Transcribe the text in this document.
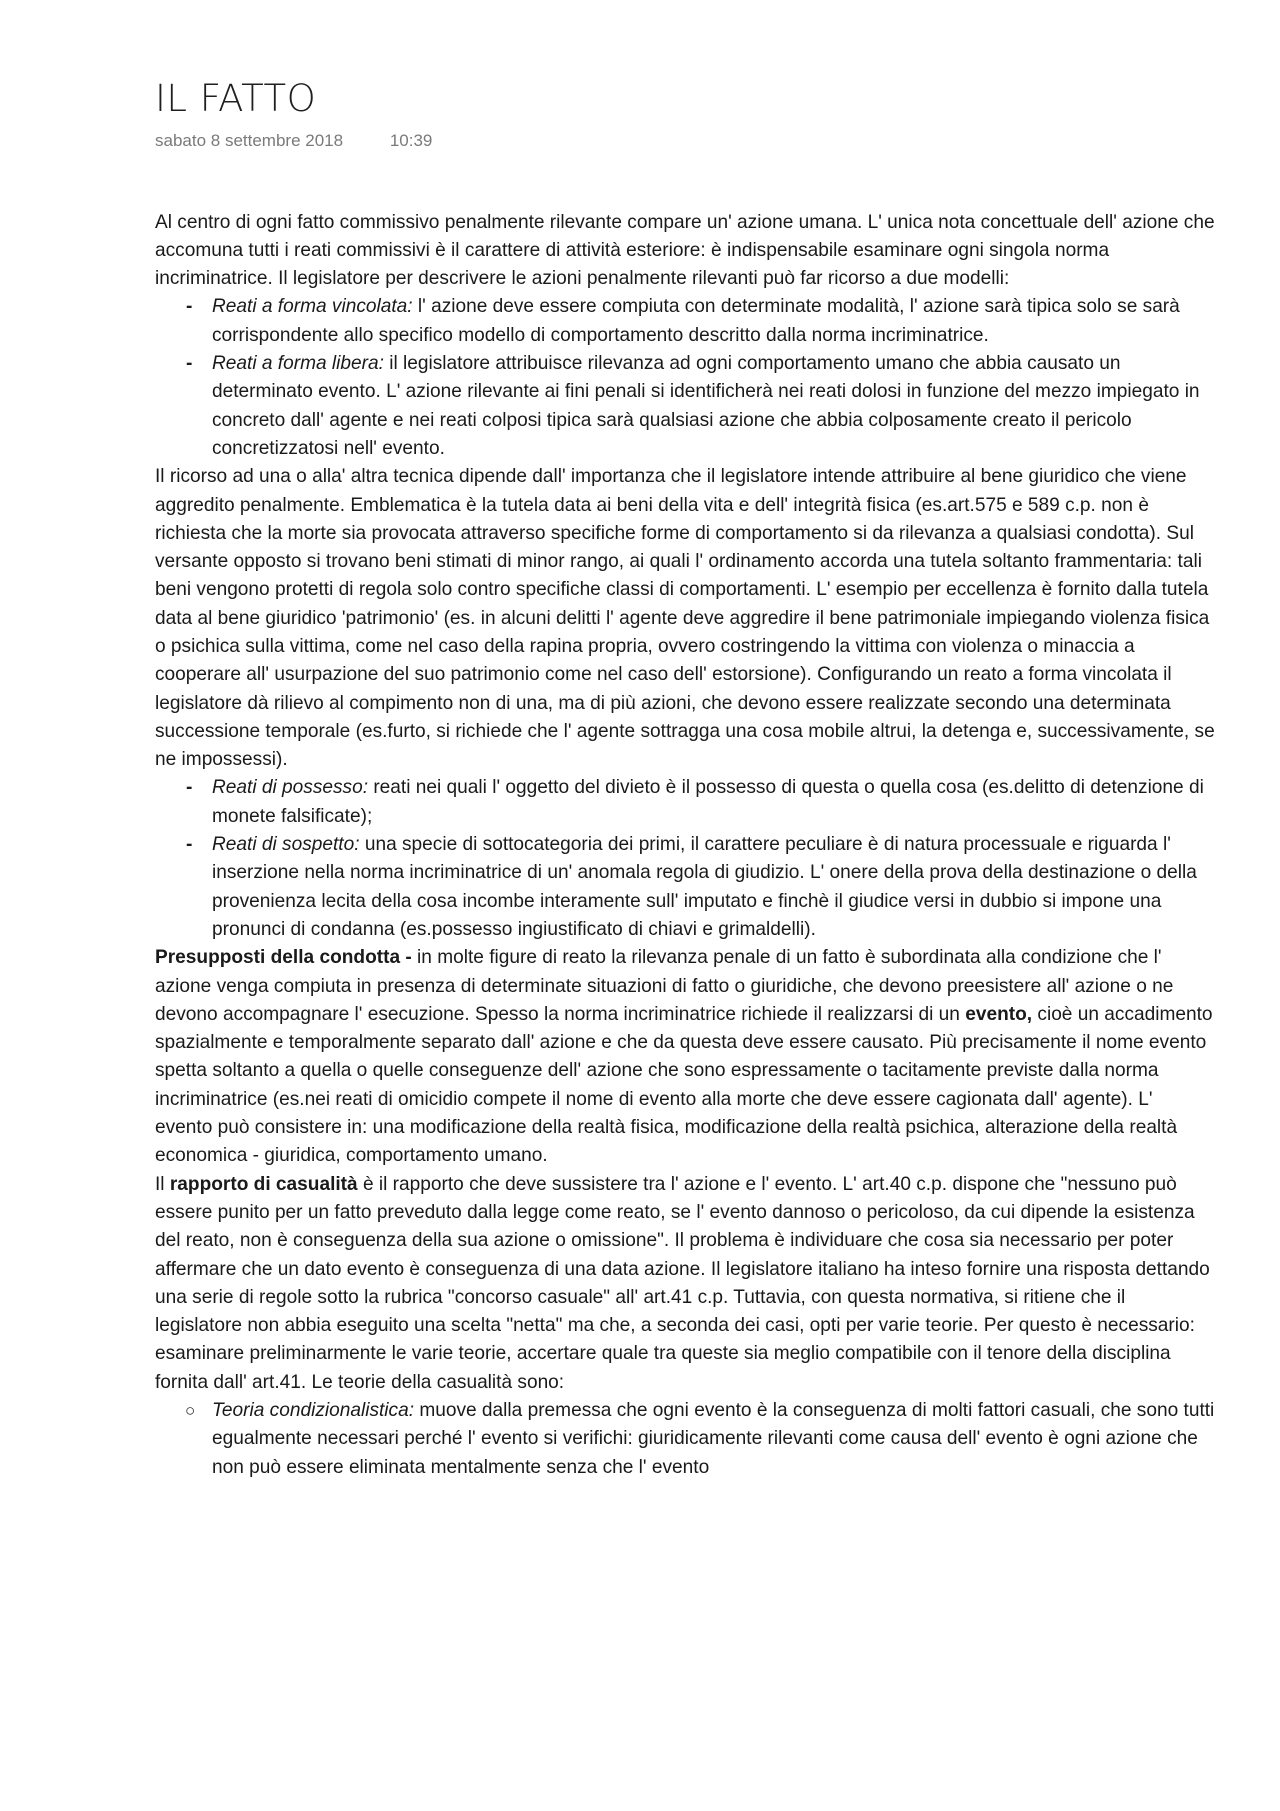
IL FATTO
sabato 8 settembre 2018	10:39

Al centro di ogni fatto commissivo penalmente rilevante compare un' azione umana. L' unica nota concettuale dell' azione che accomuna tutti i reati commissivi è il carattere di attività esteriore: è indispensabile esaminare ogni singola norma incriminatrice. Il legislatore per descrivere le azioni penalmente rilevanti può far ricorso a due modelli:

-	Reati a forma vincolata: l' azione deve essere compiuta con determinate modalità, l' azione sarà tipica solo se sarà corrispondente allo specifico modello di comportamento descritto dalla norma incriminatrice.
-	Reati a forma libera: il legislatore attribuisce rilevanza ad ogni comportamento umano che abbia causato un determinato evento. L' azione rilevante ai fini penali si identificherà nei reati dolosi in funzione del mezzo impiegato in concreto dall' agente e nei reati colposi tipica sarà qualsiasi azione che abbia colposamente creato il pericolo concretizzatosi nell' evento.

Il ricorso ad una o alla' altra tecnica dipende dall' importanza che il legislatore intende attribuire al bene giuridico che viene aggredito penalmente. Emblematica è la tutela data ai beni della vita e dell' integrità fisica (es.art.575 e 589 c.p. non è richiesta che la morte sia provocata attraverso specifiche forme di comportamento si da rilevanza a qualsiasi condotta). Sul versante opposto si trovano beni stimati di minor rango, ai quali l' ordinamento accorda una tutela soltanto frammentaria: tali beni vengono protetti di regola solo contro specifiche classi di comportamenti. L' esempio per eccellenza è fornito dalla tutela data al bene giuridico 'patrimonio' (es. in alcuni delitti l' agente deve aggredire il bene patrimoniale impiegando violenza fisica o psichica sulla vittima, come nel caso della rapina propria, ovvero costringendo la vittima con violenza o minaccia a cooperare all' usurpazione del suo patrimonio come nel caso dell' estorsione). Configurando un reato a forma vincolata il legislatore dà rilievo al compimento non di una, ma di più azioni, che devono essere realizzate secondo una determinata successione temporale (es.furto, si richiede che l' agente sottragga una cosa mobile altrui, la detenga e, successivamente, se ne impossessi).

-	Reati di possesso: reati nei quali l' oggetto del divieto è il possesso di questa o quella cosa (es.delitto di detenzione di monete falsificate);
-	Reati di sospetto: una specie di sottocategoria dei primi, il carattere peculiare è di natura processuale e riguarda l' inserzione nella norma incriminatrice di un' anomala regola di giudizio. L' onere della prova della destinazione o della provenienza lecita della cosa incombe interamente sull' imputato e finchè il giudice versi in dubbio si impone una pronunci di condanna (es.possesso ingiustificato di chiavi e grimaldelli).

Presupposti della condotta - in molte figure di reato la rilevanza penale di un fatto è subordinata alla condizione che l' azione venga compiuta in presenza di determinate situazioni di fatto o giuridiche, che devono preesistere all' azione o ne devono accompagnare l' esecuzione. Spesso la norma incriminatrice richiede il realizzarsi di un evento, cioè un accadimento spazialmente e temporalmente separato dall' azione e che da questa deve essere causato. Più precisamente il nome evento spetta soltanto a quella o quelle conseguenze dell' azione che sono espressamente o tacitamente previste dalla norma incriminatrice (es.nei reati di omicidio compete il nome di evento alla morte che deve essere cagionata dall' agente). L' evento può consistere in: una modificazione della realtà fisica, modificazione della realtà psichica, alterazione della realtà economica - giuridica, comportamento umano.

Il rapporto di casualità è il rapporto che deve sussistere tra l' azione e l' evento. L' art.40 c.p. dispone che "nessuno può essere punito per un fatto preveduto dalla legge come reato, se l' evento dannoso o pericoloso, da cui dipende la esistenza del reato, non è conseguenza della sua azione o omissione". Il problema è individuare che cosa sia necessario per poter affermare che un dato evento è conseguenza di una data azione. Il legislatore italiano ha inteso fornire una risposta dettando una serie di regole sotto la rubrica "concorso casuale" all' art.41 c.p. Tuttavia, con questa normativa, si ritiene che il legislatore non abbia eseguito una scelta "netta" ma che, a seconda dei casi, opti per varie teorie. Per questo è necessario: esaminare preliminarmente le varie teorie, accertare quale tra queste sia meglio compatibile con il tenore della disciplina fornita dall' art.41. Le teorie della casualità sono:

○ Teoria condizionalistica: muove dalla premessa che ogni evento è la conseguenza di molti fattori casuali, che sono tutti egualmente necessari perché l' evento si verifichi: giuridicamente rilevanti come causa dell' evento è ogni azione che non può essere eliminata mentalmente senza che l' evento
